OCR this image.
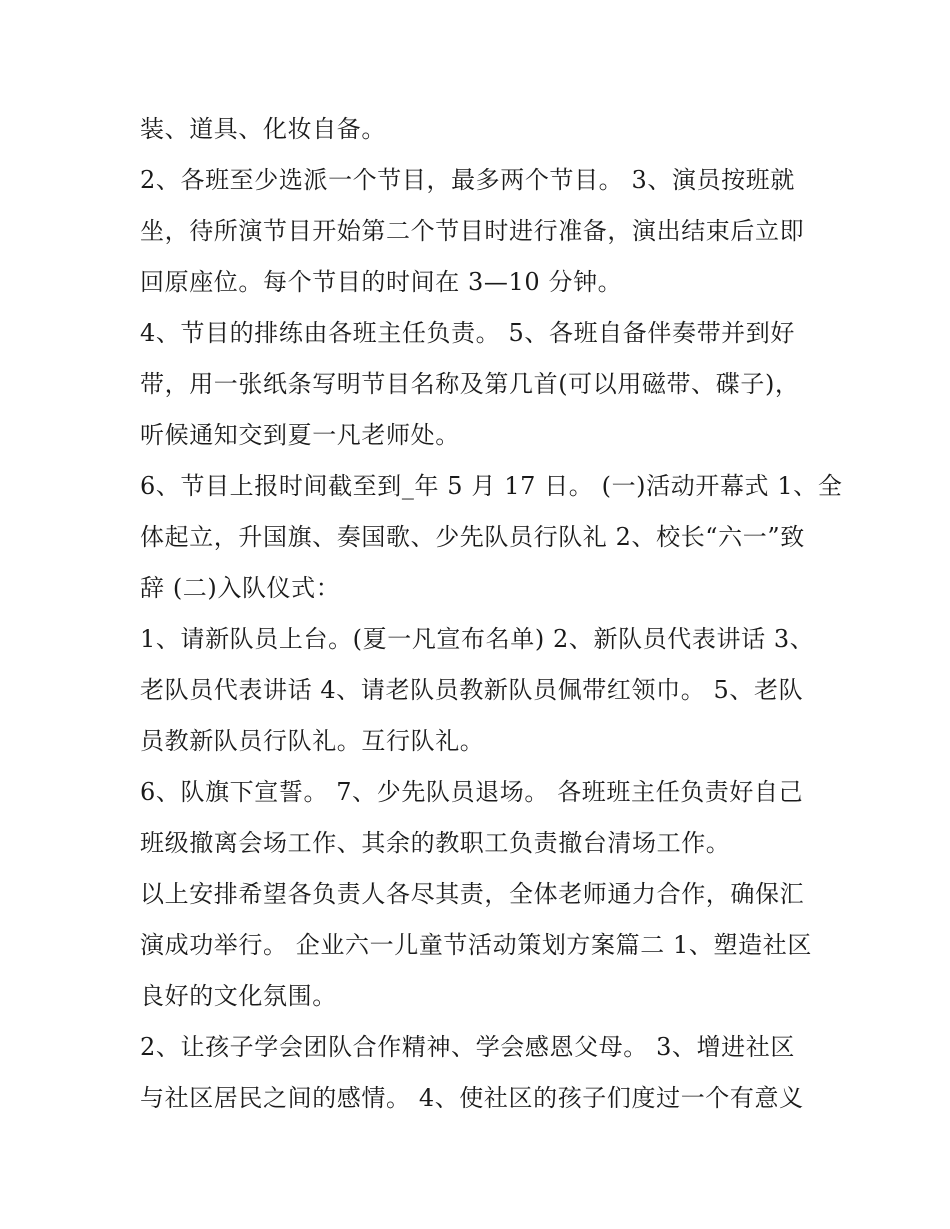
装、道具、化妆自备。
2、各班至少选派一个节目，最多两个节目。 3、演员按班就
坐，待所演节目开始第二个节目时进行准备，演出结束后立即
回原座位。每个节目的时间在 3—10 分钟。
4、节目的排练由各班主任负责。 5、各班自备伴奏带并到好
带，用一张纸条写明节目名称及第几首(可以用磁带、碟子)，
听候通知交到夏一凡老师处。
6、节目上报时间截至到_年 5 月 17 日。 (一)活动开幕式 1、全
体起立，升国旗、奏国歌、少先队员行队礼 2、校长“六一”致
辞 (二)入队仪式：
1、请新队员上台。(夏一凡宣布名单) 2、新队员代表讲话 3、
老队员代表讲话 4、请老队员教新队员佩带红领巾。 5、老队
员教新队员行队礼。互行队礼。
6、队旗下宣誓。 7、少先队员退场。 各班班主任负责好自己
班级撤离会场工作、其余的教职工负责撤台清场工作。
以上安排希望各负责人各尽其责，全体老师通力合作，确保汇
演成功举行。 企业六一儿童节活动策划方案篇二 1、塑造社区
良好的文化氛围。
2、让孩子学会团队合作精神、学会感恩父母。 3、增进社区
与社区居民之间的感情。 4、使社区的孩子们度过一个有意义
